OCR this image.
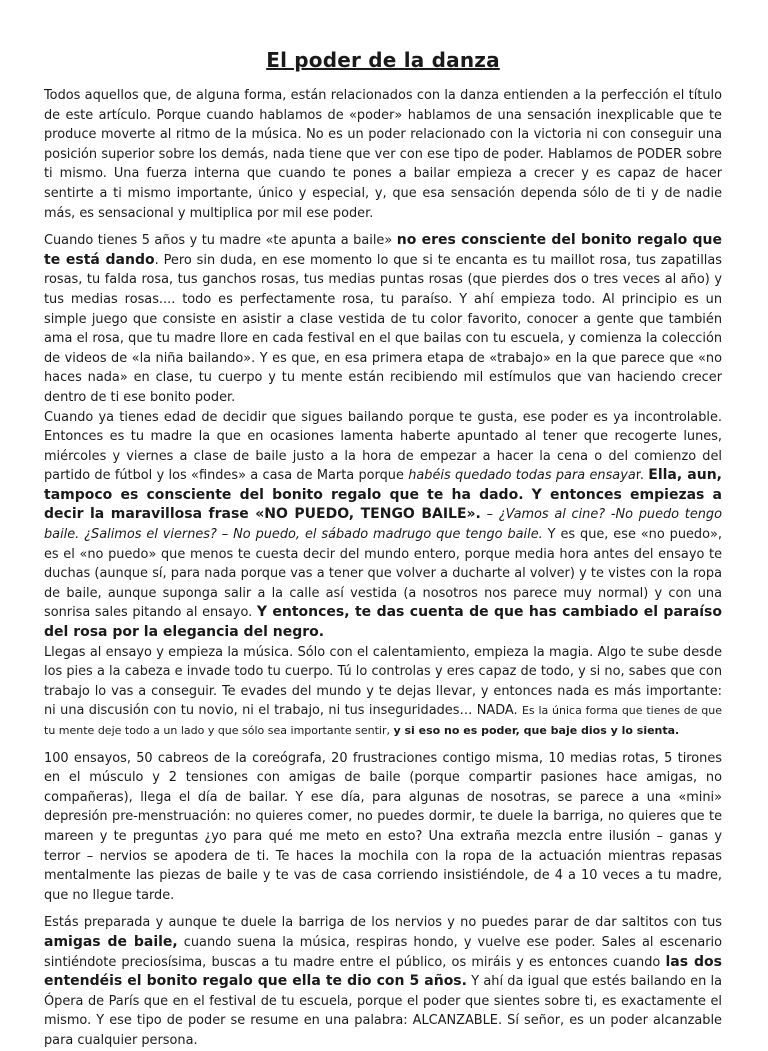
El poder de la danza

Todos aquellos que, de alguna forma, están relacionados con la danza entienden a la perfección el título de este artículo. Porque cuando hablamos de «poder» hablamos de una sensación inexplicable que te produce moverte al ritmo de la música. No es un poder relacionado con la victoria ni con conseguir una posición superior sobre los demás, nada tiene que ver con ese tipo de poder. Hablamos de PODER sobre ti mismo. Una fuerza interna que cuando te pones a bailar empieza a crecer y es capaz de hacer sentirte a ti mismo importante, único y especial, y, que esa sensación dependa sólo de ti y de nadie más, es sensacional y multiplica por mil ese poder.

Cuando tienes 5 años y tu madre «te apunta a baile» no eres consciente del bonito regalo que te está dando. Pero sin duda, en ese momento lo que si te encanta es tu maillot rosa, tus zapatillas rosas, tu falda rosa, tus ganchos rosas, tus medias puntas rosas (que pierdes dos o tres veces al año) y tus medias rosas.... todo es perfectamente rosa, tu paraíso. Y ahí empieza todo. Al principio es un simple juego que consiste en asistir a clase vestida de tu color favorito, conocer a gente que también ama el rosa, que tu madre llore en cada festival en el que bailas con tu escuela, y comienza la colección de videos de «la niña bailando». Y es que, en esa primera etapa de «trabajo» en la que parece que «no haces nada» en clase, tu cuerpo y tu mente están recibiendo mil estímulos que van haciendo crecer dentro de ti ese bonito poder.

Cuando ya tienes edad de decidir que sigues bailando porque te gusta, ese poder es ya incontrolable. Entonces es tu madre la que en ocasiones lamenta haberte apuntado al tener que recogerte lunes, miércoles y viernes a clase de baile justo a la hora de empezar a hacer la cena o del comienzo del partido de fútbol y los «findes» a casa de Marta porque habéis quedado todas para ensayar. Ella, aun, tampoco es consciente del bonito regalo que te ha dado. Y entonces empiezas a decir la maravillosa frase «NO PUEDO, TENGO BAILE». – ¿Vamos al cine? -No puedo tengo baile. ¿Salimos el viernes? – No puedo, el sábado madrugo que tengo baile. Y es que, ese «no puedo», es el «no puedo» que menos te cuesta decir del mundo entero, porque media hora antes del ensayo te duchas (aunque sí, para nada porque vas a tener que volver a ducharte al volver) y te vistes con la ropa de baile, aunque suponga salir a la calle así vestida (a nosotros nos parece muy normal) y con una sonrisa sales pitando al ensayo. Y entonces, te das cuenta de que has cambiado el paraíso del rosa por la elegancia del negro.

Llegas al ensayo y empieza la música. Sólo con el calentamiento, empieza la magia. Algo te sube desde los pies a la cabeza e invade todo tu cuerpo. Tú lo controlas y eres capaz de todo, y si no, sabes que con trabajo lo vas a conseguir. Te evades del mundo y te dejas llevar, y entonces nada es más importante: ni una discusión con tu novio, ni el trabajo, ni tus inseguridades… NADA. Es la única forma que tienes de que tu mente deje todo a un lado y que sólo sea importante sentir, y si eso no es poder, que baje dios y lo sienta.

100 ensayos, 50 cabreos de la coreógrafa, 20 frustraciones contigo misma, 10 medias rotas, 5 tirones en el músculo y 2 tensiones con amigas de baile (porque compartir pasiones hace amigas, no compañeras), llega el día de bailar. Y ese día, para algunas de nosotras, se parece a una «mini» depresión pre-menstruación: no quieres comer, no puedes dormir, te duele la barriga, no quieres que te mareen y te preguntas ¿yo para qué me meto en esto? Una extraña mezcla entre ilusión – ganas y terror – nervios se apodera de ti. Te haces la mochila con la ropa de la actuación mientras repasas mentalmente las piezas de baile y te vas de casa corriendo insistiéndole, de 4 a 10 veces a tu madre, que no llegue tarde.

Estás preparada y aunque te duele la barriga de los nervios y no puedes parar de dar saltitos con tus amigas de baile, cuando suena la música, respiras hondo, y vuelve ese poder. Sales al escenario sintiéndote preciosísima, buscas a tu madre entre el público, os miráis y es entonces cuando las dos entendéis el bonito regalo que ella te dio con 5 años. Y ahí da igual que estés bailando en la Ópera de París que en el festival de tu escuela, porque el poder que sientes sobre ti, es exactamente el mismo. Y ese tipo de poder se resume en una palabra: ALCANZABLE. Sí señor, es un poder alcanzable para cualquier persona.
